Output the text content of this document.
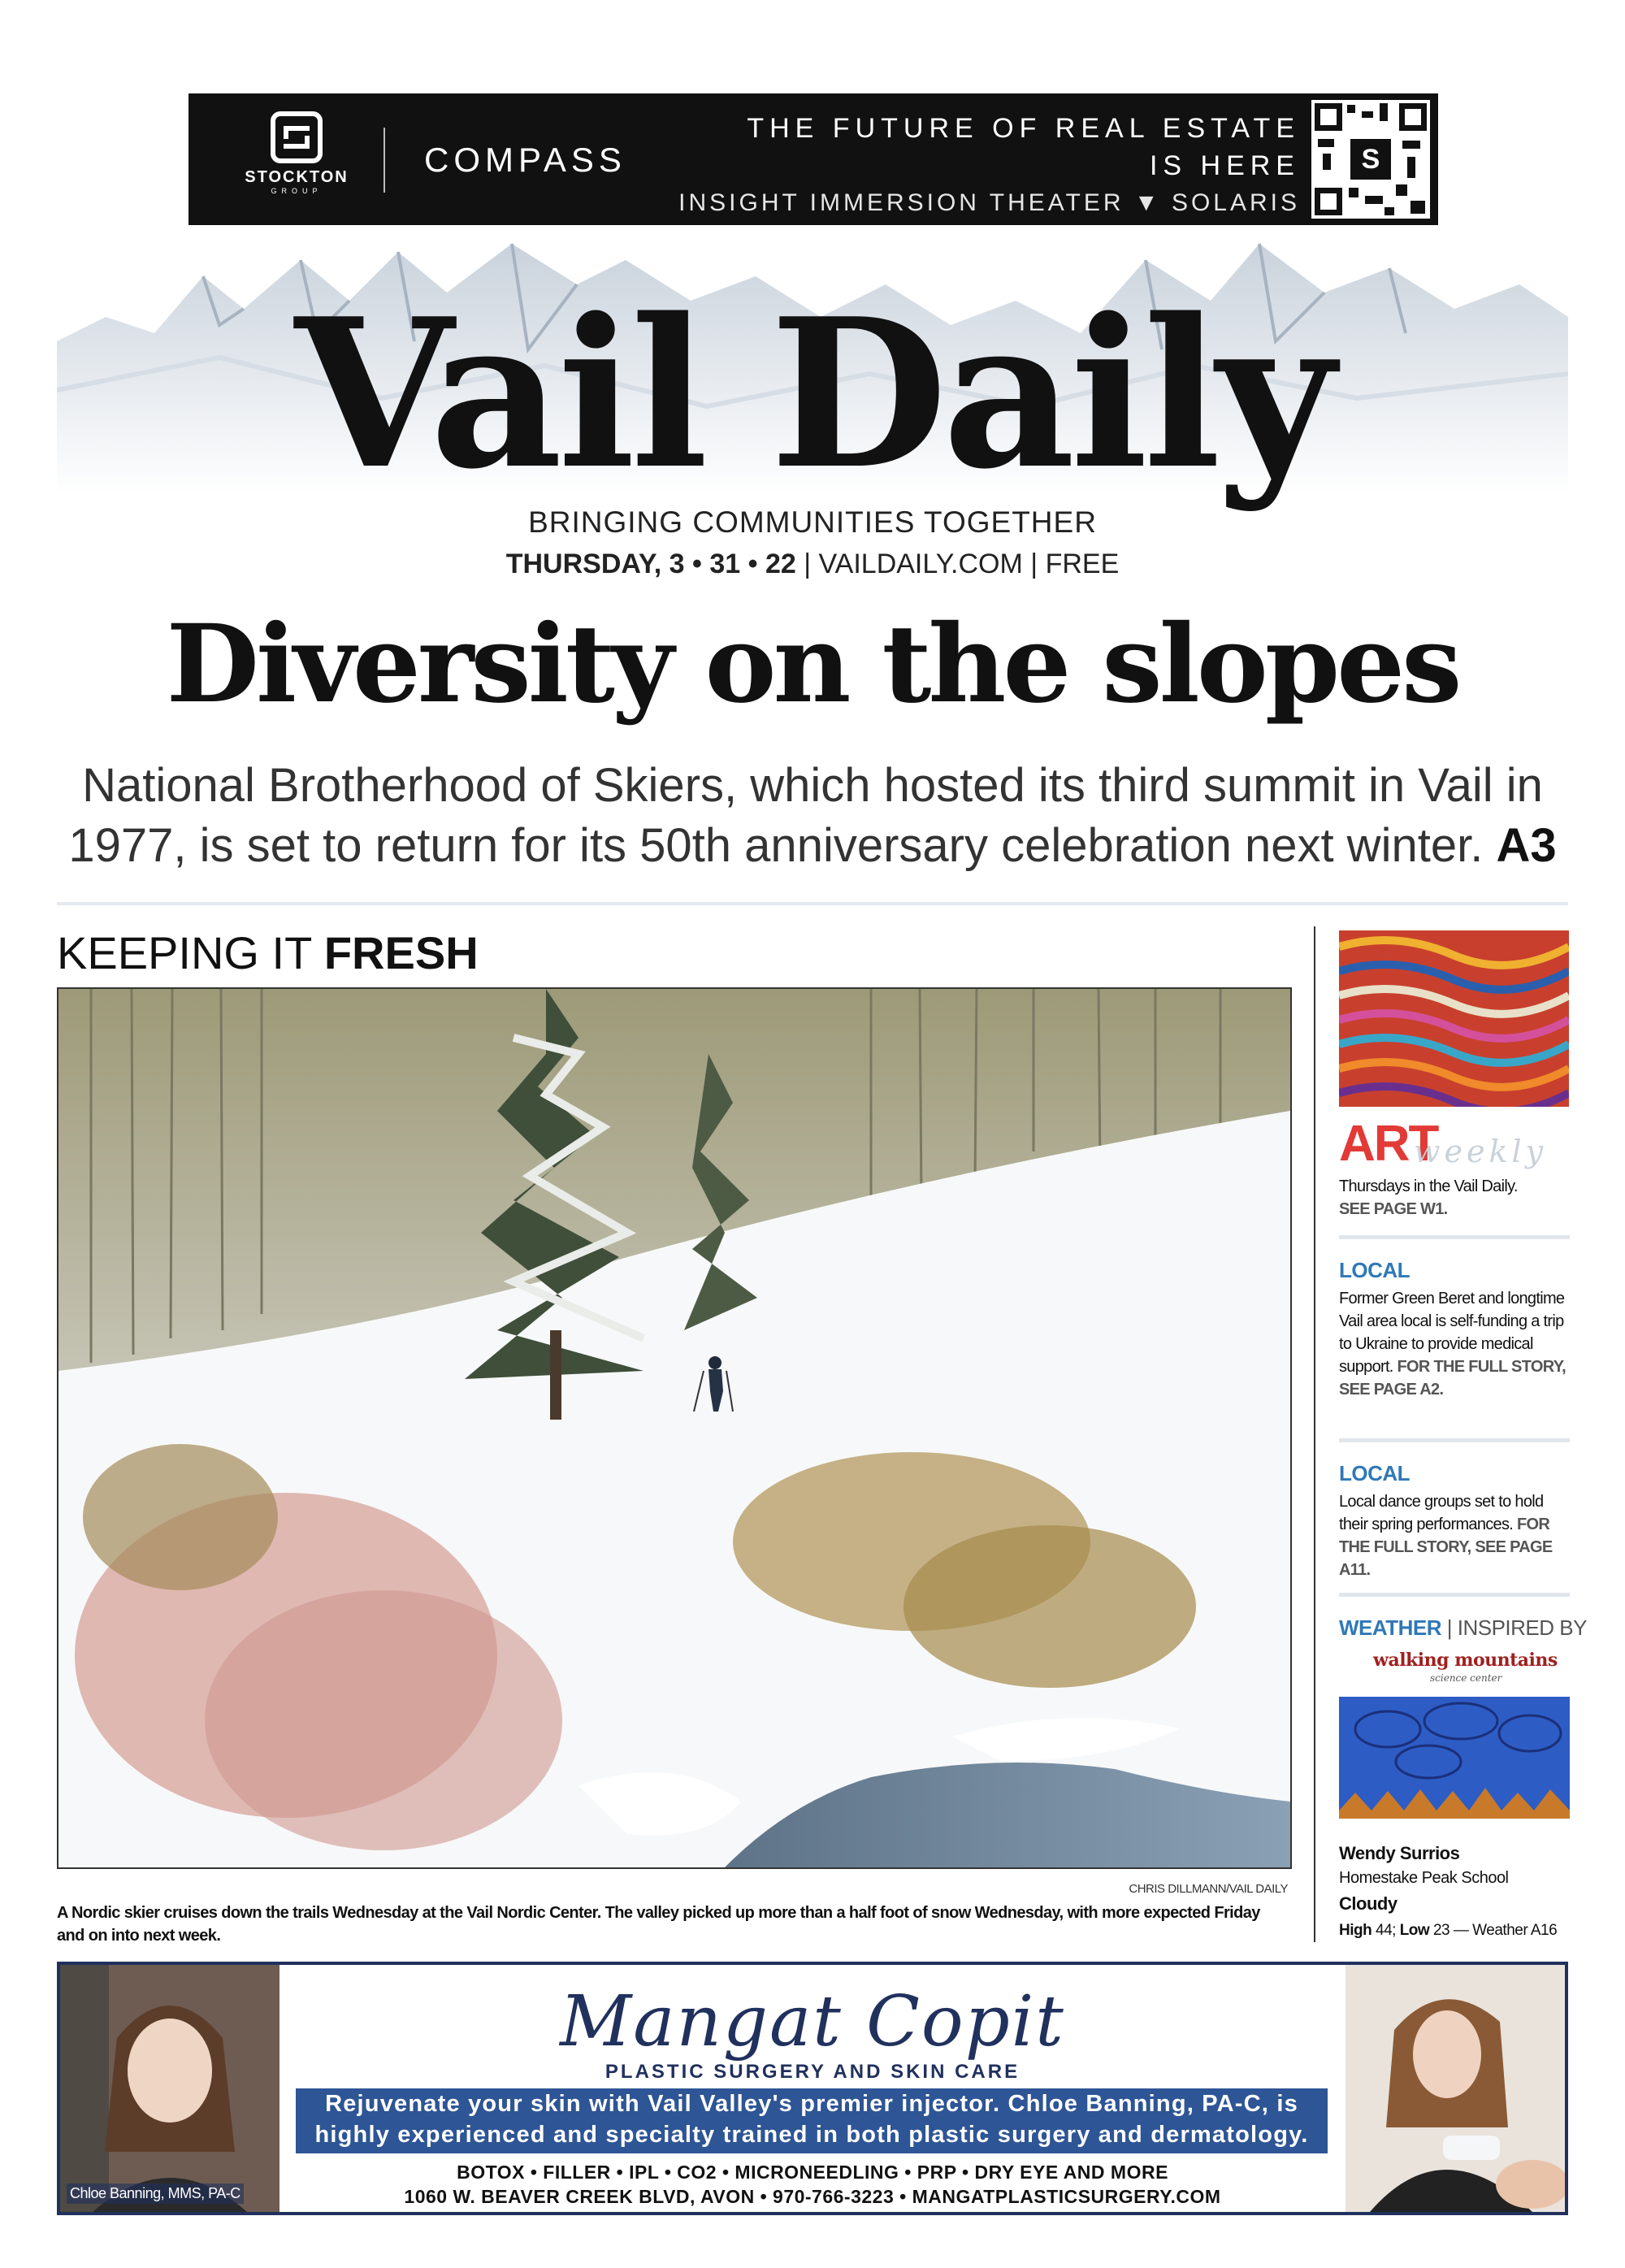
STOCKTON
GROUP
COMPASS
THE FUTURE OF REAL ESTATE
IS HERE
INSIGHT IMMERSION THEATER ▼ SOLARIS
S
Vail Daily
BRINGING COMMUNITIES TOGETHER
THURSDAY, 3 • 31 • 22 | VAILDAILY.COM | FREE
Diversity on the slopes
National Brotherhood of Skiers, which hosted its third summit in Vail in 1977, is set to return for its 50th anniversary celebration next winter. A3
KEEPING IT FRESH
CHRIS DILLMANN/VAIL DAILY
A Nordic skier cruises down the trails Wednesday at the Vail Nordic Center. The valley picked up more than a half foot of snow Wednesday, with more expected Friday and on into next week.
ART
weekly
Thursdays in the Vail Daily.
SEE PAGE W1.
LOCAL
Former Green Beret and longtime Vail area local is self-funding a trip to Ukraine to provide medical support. FOR THE FULL STORY, SEE PAGE A2.
LOCAL
Local dance groups set to hold their spring performances. FOR THE FULL STORY, SEE PAGE A11.
WEATHER | INSPIRED BY
walking mountains
science center
Wendy Surrios
Homestake Peak School
Cloudy
High 44; Low 23 — Weather A16
Chloe Banning, MMS, PA-C
Mangat Copit
PLASTIC SURGERY AND SKIN CARE
Rejuvenate your skin with Vail Valley's premier injector. Chloe Banning, PA-C, is
highly experienced and specialty trained in both plastic surgery and dermatology.
BOTOX • FILLER • IPL • CO2 • MICRONEEDLING • PRP • DRY EYE AND MORE
1060 W. BEAVER CREEK BLVD, AVON • 970-766-3223 • MANGATPLASTICSURGERY.COM
